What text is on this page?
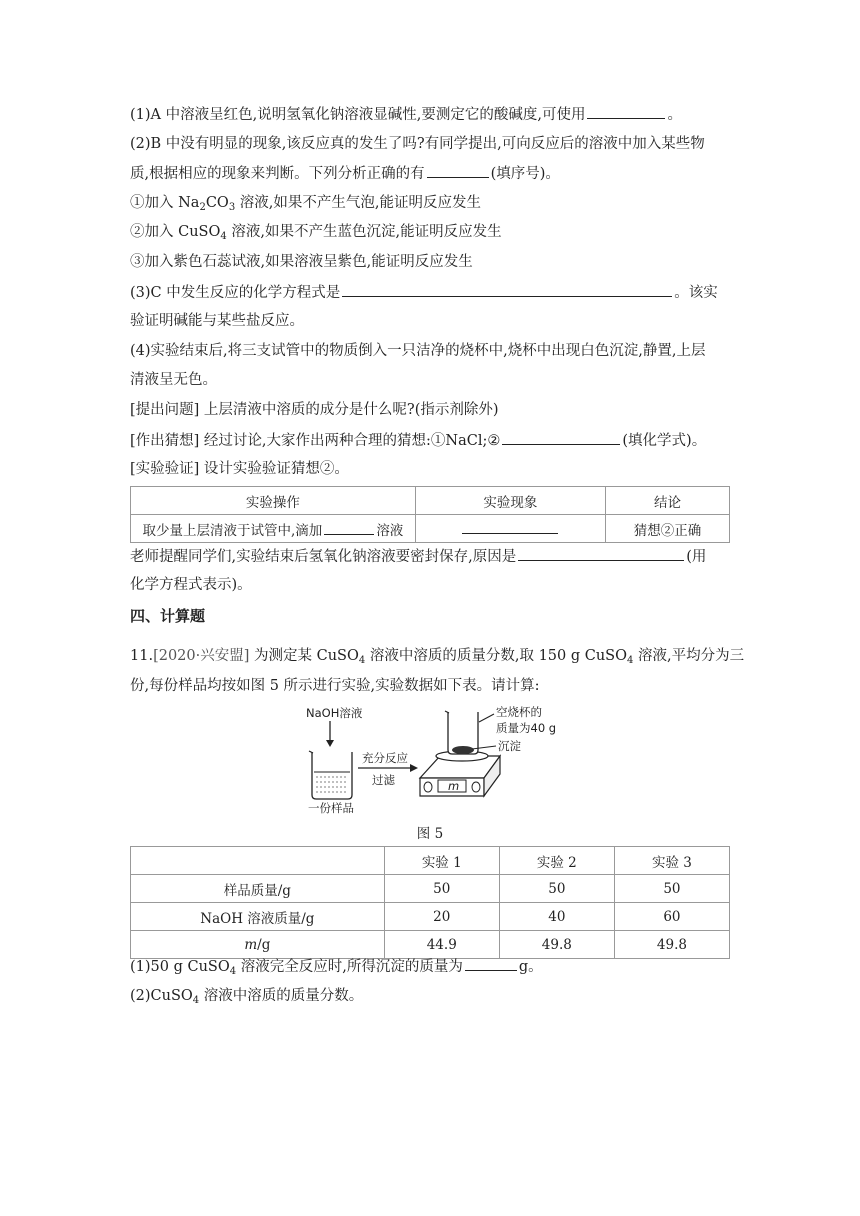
(1)A 中溶液呈红色,说明氢氧化钠溶液显碱性,要测定它的酸碱度,可使用	。
(2)B 中没有明显的现象,该反应真的发生了吗?有同学提出,可向反应后的溶液中加入某些物
质,根据相应的现象来判断。下列分析正确的有	(填序号)。
①加入 $Na_2CO_3$ 溶液,如果不产生气泡,能证明反应发生
②加入 CuSO$_4$ 溶液,如果不产生蓝色沉淀,能证明反应发生
③加入紫色石蕊试液,如果溶液呈紫色,能证明反应发生
(3)C 中发生反应的化学方程式是	。该实
验证明碱能与某些盐反应。
(4)实验结束后,将三支试管中的物质倒入一只洁净的烧杯中,烧杯中出现白色沉淀,静置,上层
清液呈无色。
[提出问题] 上层清液中溶质的成分是什么呢?(指示剂除外)
[作出猜想] 经过讨论,大家作出两种合理的猜想:①NaCl;②	(填化学式)。
[实验验证] 设计实验验证猜想②。
实验操作	实验现象	结论
取少量上层清液于试管中,滴加 溶液		猜想②正确
老师提醒同学们,实验结束后氢氧化钠溶液要密封保存,原因是	(用
化学方程式表示)。
四、计算题
11.[2020·兴安盟] 为测定某 CuSO$_4$ 溶液中溶质的质量分数,取 150 g CuSO$_4$ 溶液,平均分为三
份,每份样品均按如图 5 所示进行实验,实验数据如下表。请计算:
NaOH溶液
一份样品
充分反应
过滤	m
空烧杯的
质量为40 g
沉淀
图 5
	实验 1	实验 2	实验 3
样品质量/g	50	50	50
NaOH 溶液质量/g	20	40	60
m/g	44.9	49.8	49.8
(1)50 g CuSO$_4$ 溶液完全反应时,所得沉淀的质量为	g。
(2)CuSO$_4$ 溶液中溶质的质量分数。
